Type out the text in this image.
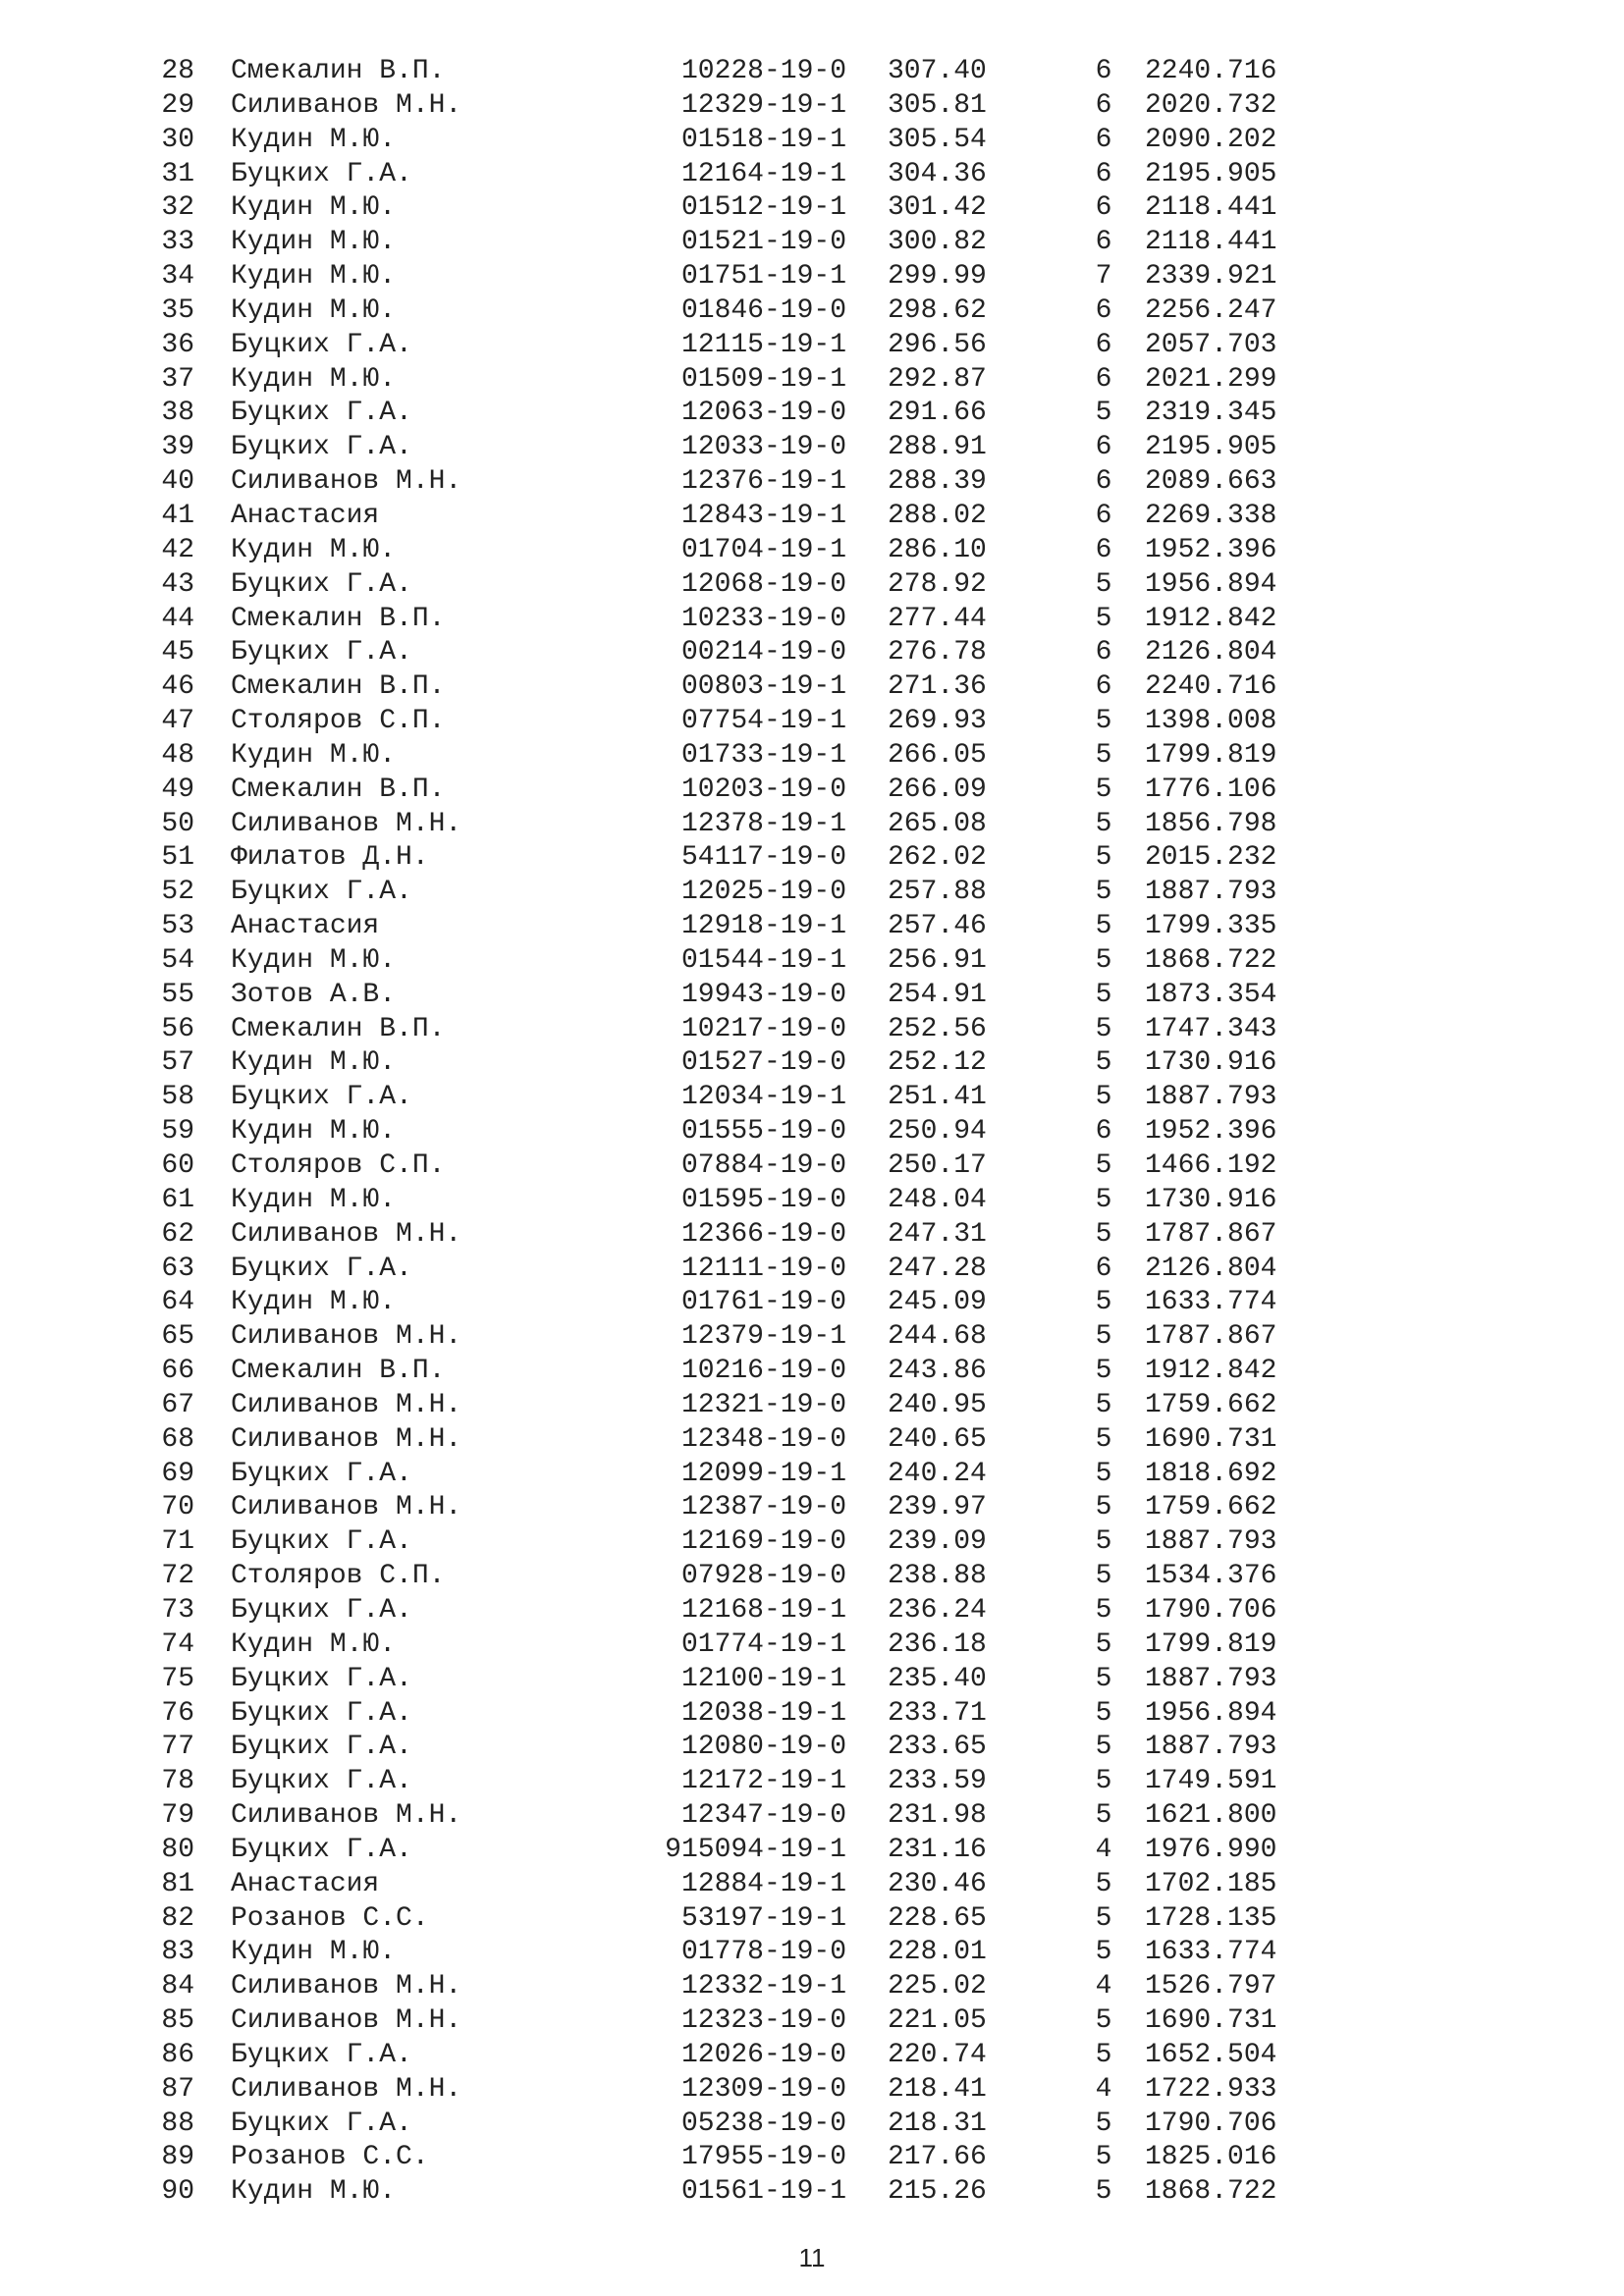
28 Смекалин В.П.	10228-19-0 307.40	6 2240.716
29 Силиванов М.Н.	12329-19-1 305.81	6 2020.732
30 Кудин М.Ю.	01518-19-1 305.54	6 2090.202
31 Буцких Г.А.	12164-19-1 304.36	6 2195.905
32 Кудин М.Ю.	01512-19-1 301.42	6 2118.441
33 Кудин М.Ю.	01521-19-0 300.82	6 2118.441
34 Кудин М.Ю.	01751-19-1 299.99	7 2339.921
35 Кудин М.Ю.	01846-19-0 298.62	6 2256.247
36 Буцких Г.А.	12115-19-1 296.56	6 2057.703
37 Кудин М.Ю.	01509-19-1 292.87	6 2021.299
38 Буцких Г.А.	12063-19-0 291.66	5 2319.345
39 Буцких Г.А.	12033-19-0 288.91	6 2195.905
40 Силиванов М.Н.	12376-19-1 288.39	6 2089.663
41 Анастасия	12843-19-1 288.02	6 2269.338
42 Кудин М.Ю.	01704-19-1 286.10	6 1952.396
43 Буцких Г.А.	12068-19-0 278.92	5 1956.894
44 Смекалин В.П.	10233-19-0 277.44	5 1912.842
45 Буцких Г.А.	00214-19-0 276.78	6 2126.804
46 Смекалин В.П.	00803-19-1 271.36	6 2240.716
47 Столяров С.П.	07754-19-1 269.93	5 1398.008
48 Кудин М.Ю.	01733-19-1 266.05	5 1799.819
49 Смекалин В.П.	10203-19-0 266.09	5 1776.106
50 Силиванов М.Н.	12378-19-1 265.08	5 1856.798
51 Филатов Д.Н.	54117-19-0 262.02	5 2015.232
52 Буцких Г.А.	12025-19-0 257.88	5 1887.793
53 Анастасия	12918-19-1 257.46	5 1799.335
54 Кудин М.Ю.	01544-19-1 256.91	5 1868.722
55 Зотов А.В.	19943-19-0 254.91	5 1873.354
56 Смекалин В.П.	10217-19-0 252.56	5 1747.343
57 Кудин М.Ю.	01527-19-0 252.12	5 1730.916
58 Буцких Г.А.	12034-19-1 251.41	5 1887.793
59 Кудин М.Ю.	01555-19-0 250.94	6 1952.396
60 Столяров С.П.	07884-19-0 250.17	5 1466.192
61 Кудин М.Ю.	01595-19-0 248.04	5 1730.916
62 Силиванов М.Н.	12366-19-0 247.31	5 1787.867
63 Буцких Г.А.	12111-19-0 247.28	6 2126.804
64 Кудин М.Ю.	01761-19-0 245.09	5 1633.774
65 Силиванов М.Н.	12379-19-1 244.68	5 1787.867
66 Смекалин В.П.	10216-19-0 243.86	5 1912.842
67 Силиванов М.Н.	12321-19-0 240.95	5 1759.662
68 Силиванов М.Н.	12348-19-0 240.65	5 1690.731
69 Буцких Г.А.	12099-19-1 240.24	5 1818.692
70 Силиванов М.Н.	12387-19-0 239.97	5 1759.662
71 Буцких Г.А.	12169-19-0 239.09	5 1887.793
72 Столяров С.П.	07928-19-0 238.88	5 1534.376
73 Буцких Г.А.	12168-19-1 236.24	5 1790.706
74 Кудин М.Ю.	01774-19-1 236.18	5 1799.819
75 Буцких Г.А.	12100-19-1 235.40	5 1887.793
76 Буцких Г.А.	12038-19-1 233.71	5 1956.894
77 Буцких Г.А.	12080-19-0 233.65	5 1887.793
78 Буцких Г.А.	12172-19-1 233.59	5 1749.591
79 Силиванов М.Н.	12347-19-0 231.98	5 1621.800
80 Буцких Г.А.	915094-19-1 231.16	4 1976.990
81 Анастасия	12884-19-1 230.46	5 1702.185
82 Розанов С.С.	53197-19-1 228.65	5 1728.135
83 Кудин М.Ю.	01778-19-0 228.01	5 1633.774
84 Силиванов М.Н.	12332-19-1 225.02	4 1526.797
85 Силиванов М.Н.	12323-19-0 221.05	5 1690.731
86 Буцких Г.А.	12026-19-0 220.74	5 1652.504
87 Силиванов М.Н.	12309-19-0 218.41	4 1722.933
88 Буцких Г.А.	05238-19-0 218.31	5 1790.706
89 Розанов С.С.	17955-19-0 217.66	5 1825.016
90 Кудин М.Ю.	01561-19-1 215.26	5 1868.722
11
